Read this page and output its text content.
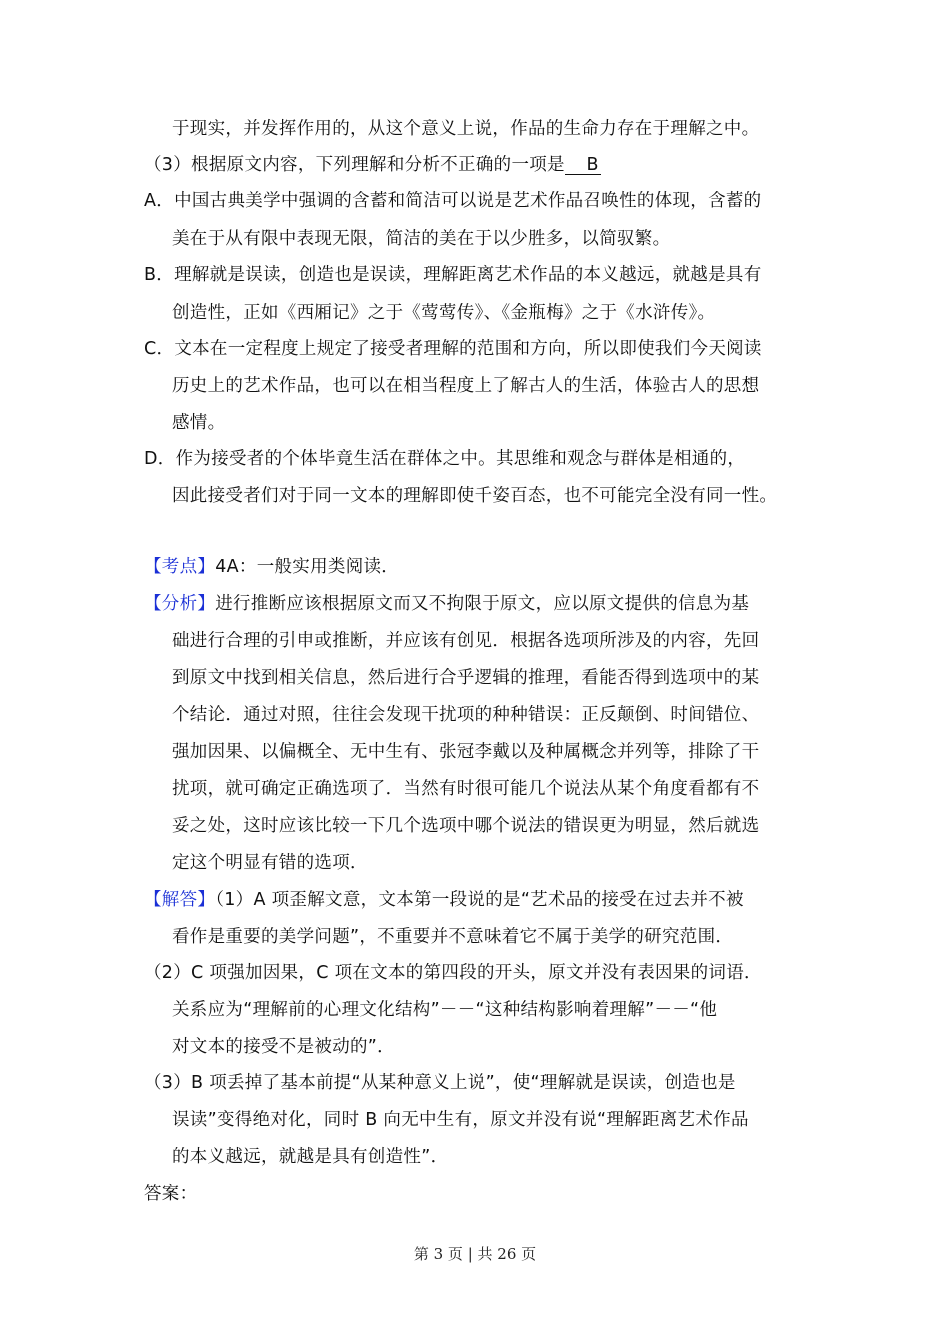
于现实，并发挥作用的，从这个意义上说，作品的生命力存在于理解之中。
（3）根据原文内容，下列理解和分析不正确的一项是 B
A．中国古典美学中强调的含蓄和简洁可以说是艺术作品召唤性的体现，含蓄的
美在于从有限中表现无限，简洁的美在于以少胜多，以简驭繁。
B．理解就是误读，创造也是误读，理解距离艺术作品的本义越远，就越是具有
创造性，正如《西厢记》之于《莺莺传》、《金瓶梅》之于《水浒传》。
C．文本在一定程度上规定了接受者理解的范围和方向，所以即使我们今天阅读
历史上的艺术作品，也可以在相当程度上了解古人的生活，体验古人的思想
感情。
D．作为接受者的个体毕竟生活在群体之中。其思维和观念与群体是相通的，
因此接受者们对于同一文本的理解即使千姿百态，也不可能完全没有同一性。
【考点】4A：一般实用类阅读．
【分析】进行推断应该根据原文而又不拘限于原文，应以原文提供的信息为基
础进行合理的引申或推断，并应该有创见．根据各选项所涉及的内容，先回
到原文中找到相关信息，然后进行合乎逻辑的推理，看能否得到选项中的某
个结论．通过对照，往往会发现干扰项的种种错误：正反颠倒、时间错位、
强加因果、以偏概全、无中生有、张冠李戴以及种属概念并列等，排除了干
扰项，就可确定正确选项了．当然有时很可能几个说法从某个角度看都有不
妥之处，这时应该比较一下几个选项中哪个说法的错误更为明显，然后就选
定这个明显有错的选项．
【解答】（1）A 项歪解文意，文本第一段说的是“艺术品的接受在过去并不被
看作是重要的美学问题”，不重要并不意味着它不属于美学的研究范围．
（2）C 项强加因果，C 项在文本的第四段的开头，原文并没有表因果的词语．
关系应为“理解前的心理文化结构”－－“这种结构影响着理解”－－“他
对文本的接受不是被动的”．
（3）B 项丢掉了基本前提“从某种意义上说”，使“理解就是误读，创造也是
误读”变得绝对化，同时 B 向无中生有，原文并没有说“理解距离艺术作品
的本义越远，就越是具有创造性”．
答案：
第 3 页 | 共 26 页
